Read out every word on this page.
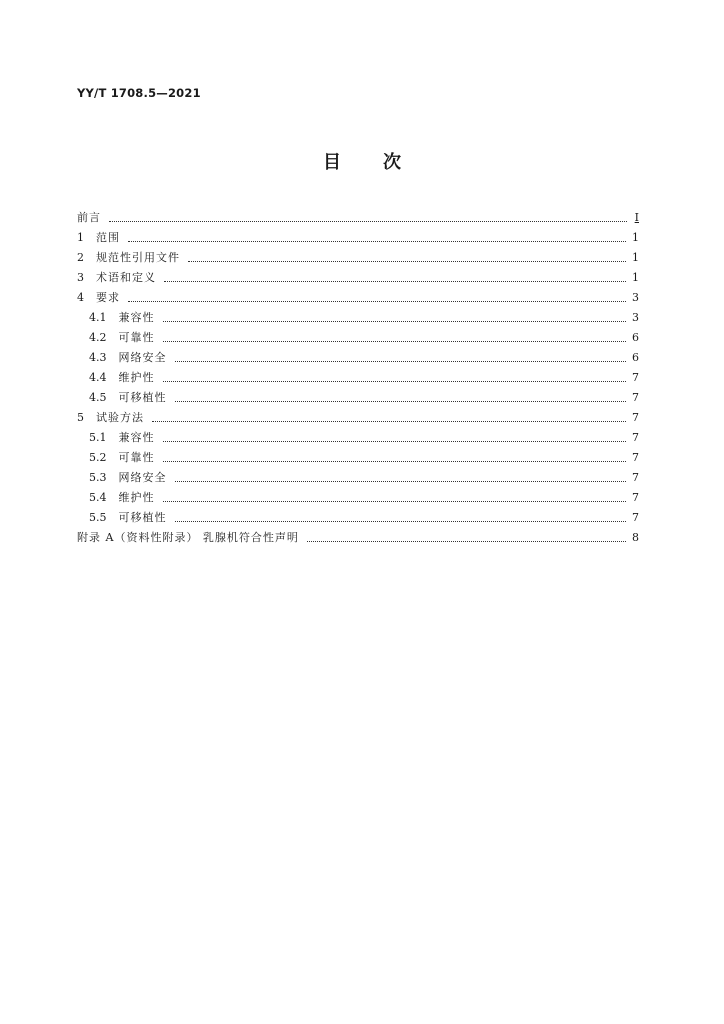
YY/T 1708.5—2021
目 次
前言	Ⅰ
1 范围	1
2 规范性引用文件	1
3 术语和定义	1
4 要求	3
4.1 兼容性	3
4.2 可靠性	6
4.3 网络安全	6
4.4 维护性	7
4.5 可移植性	7
5 试验方法	7
5.1 兼容性	7
5.2 可靠性	7
5.3 网络安全	7
5.4 维护性	7
5.5 可移植性	7
附录 A（资料性附录） 乳腺机符合性声明	8
